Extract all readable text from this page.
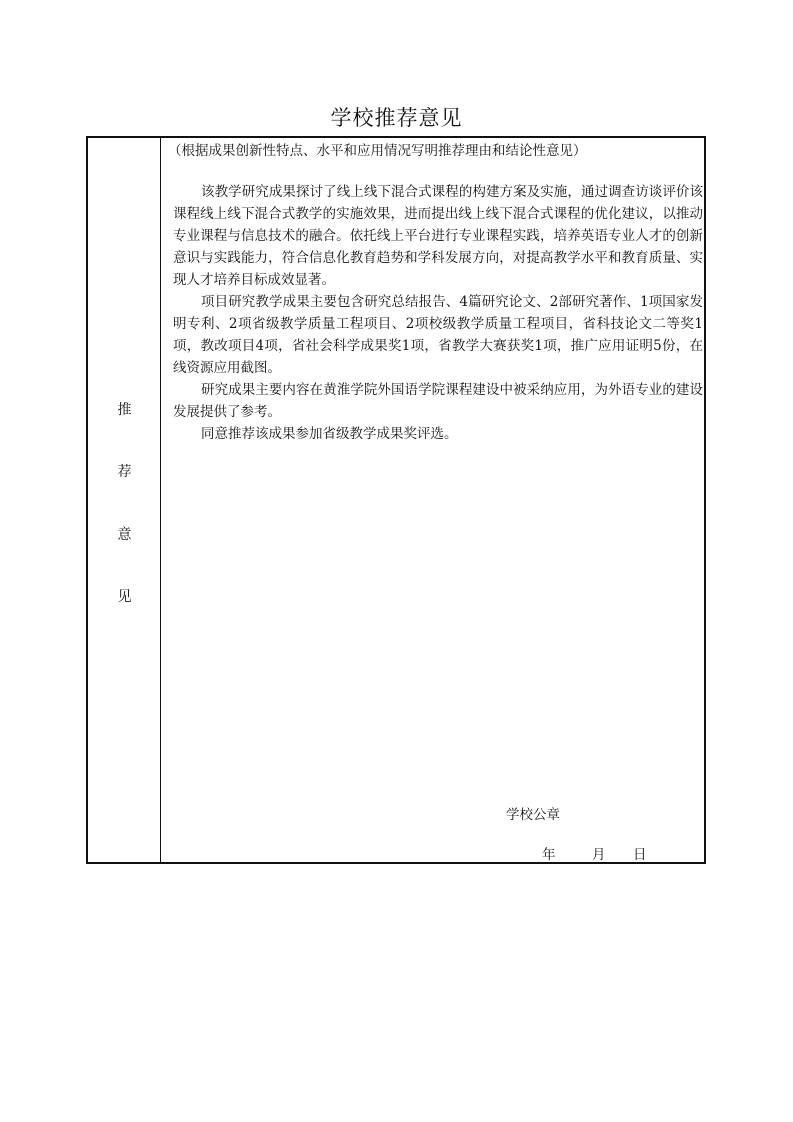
学校推荐意见
推
荐
意
见
（根据成果创新性特点、水平和应用情况写明推荐理由和结论性意见）

该教学研究成果探讨了线上线下混合式课程的构建方案及实施，通过调查访谈评价该课程线上线下混合式教学的实施效果，进而提出线上线下混合式课程的优化建议，以推动专业课程与信息技术的融合。依托线上平台进行专业课程实践，培养英语专业人才的创新意识与实践能力，符合信息化教育趋势和学科发展方向，对提高教学水平和教育质量、实现人才培养目标成效显著。

项目研究教学成果主要包含研究总结报告、4篇研究论文、2部研究著作、1项国家发明专利、2项省级教学质量工程项目、2项校级教学质量工程项目，省科技论文二等奖1项，教改项目4项，省社会科学成果奖1项，省教学大赛获奖1项，推广应用证明5份，在线资源应用截图。

研究成果主要内容在黄淮学院外国语学院课程建设中被采纳应用，为外语专业的建设发展提供了参考。

同意推荐该成果参加省级教学成果奖评选。

学校公章
年	月 日
